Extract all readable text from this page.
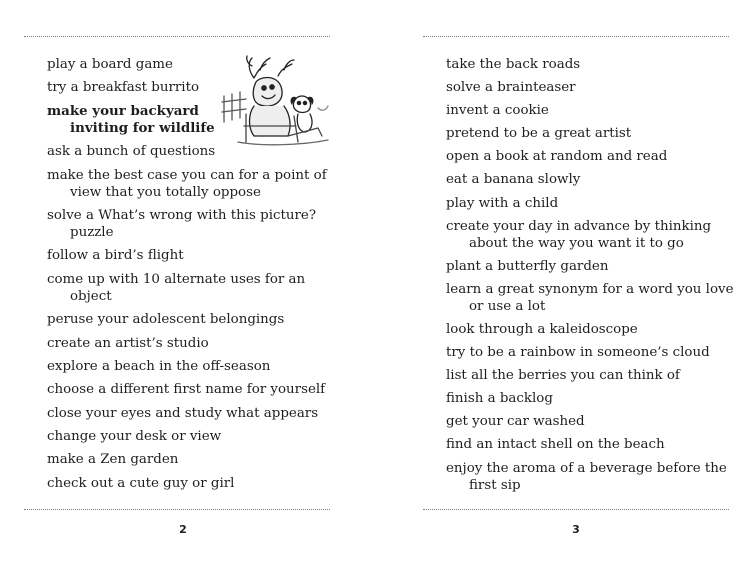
play a board game
try a breakfast burrito
make your backyard inviting for wildlife
ask a bunch of questions
make the best case you can for a point of view that you totally oppose
solve a What’s wrong with this picture? puzzle
follow a bird’s flight
come up with 10 alternate uses for an object
peruse your adolescent belongings
create an artist’s studio
explore a beach in the off-season
choose a different first name for yourself
close your eyes and study what appears
change your desk or view
make a Zen garden
check out a cute guy or girl
2
take the back roads
solve a brainteaser
invent a cookie
pretend to be a great artist
open a book at random and read
eat a banana slowly
play with a child
create your day in advance by thinking about the way you want it to go
plant a butterfly garden
learn a great synonym for a word you love or use a lot
look through a kaleidoscope
try to be a rainbow in someone’s cloud
list all the berries you can think of
finish a backlog
get your car washed
find an intact shell on the beach
enjoy the aroma of a beverage before the first sip
3
